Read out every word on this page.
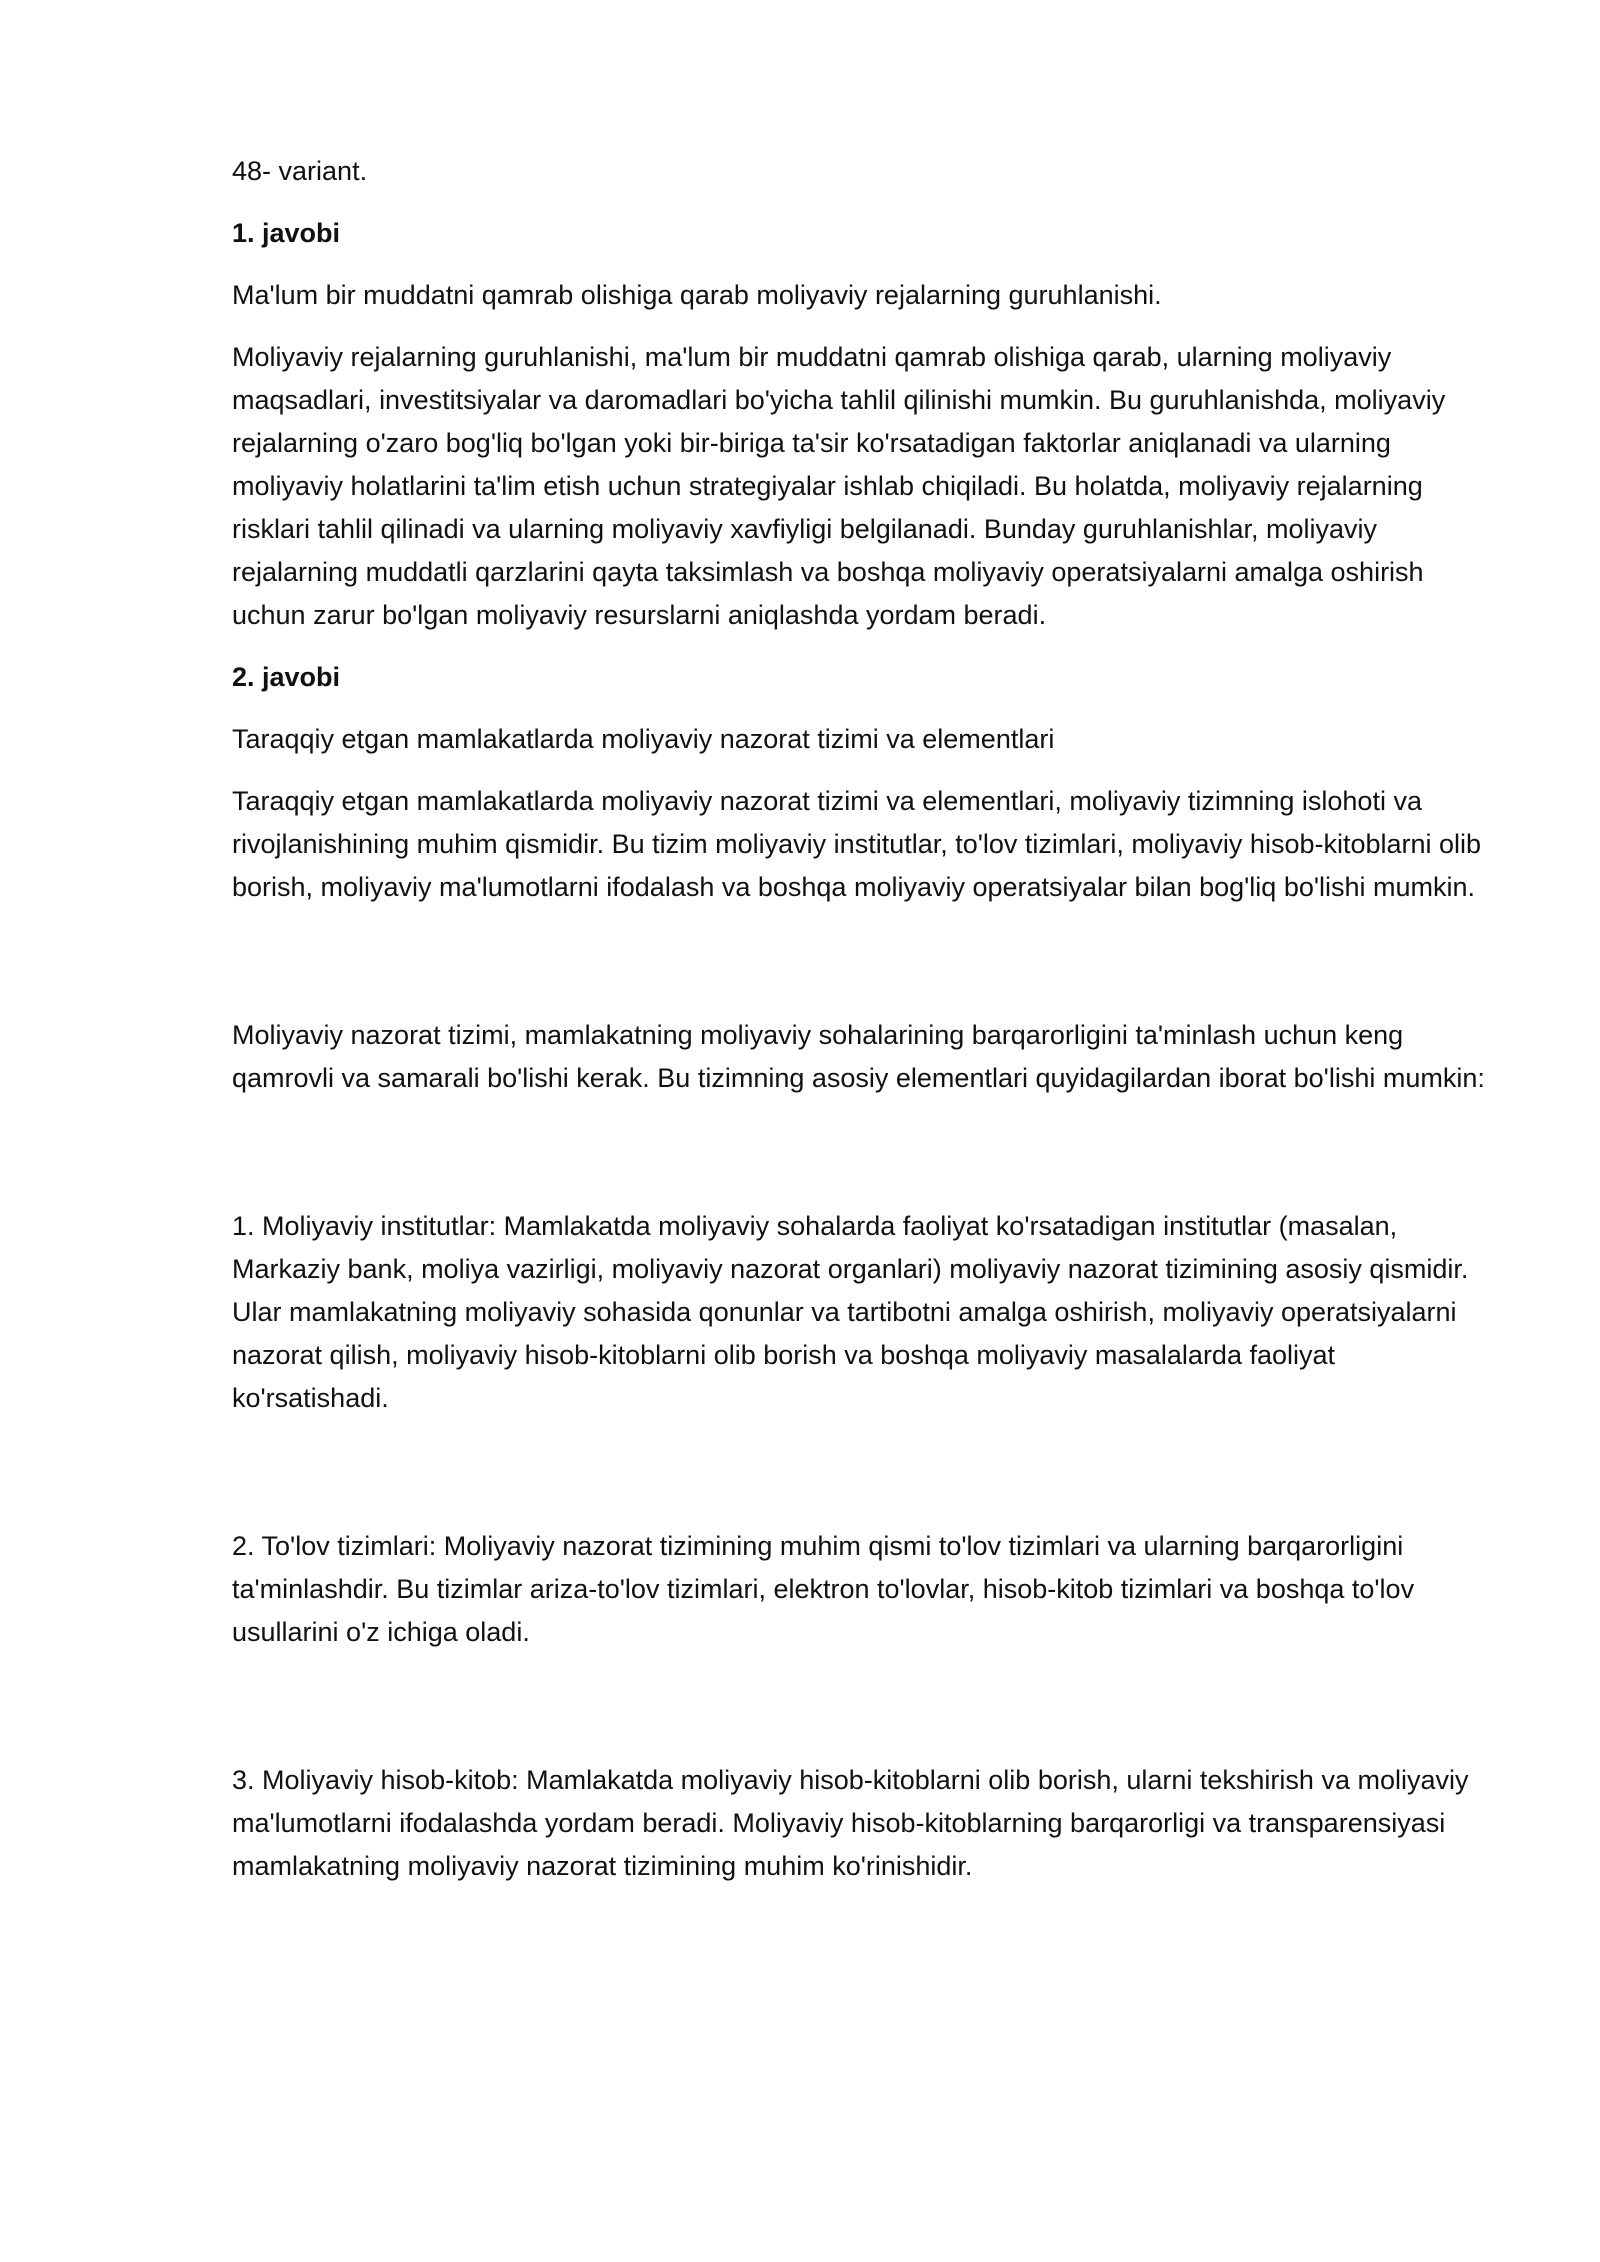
48- variant.

1. javobi

Ma'lum bir muddatni qamrab olishiga qarab moliyaviy rejalarning guruhlanishi.

Moliyaviy rejalarning guruhlanishi, ma'lum bir muddatni qamrab olishiga qarab, ularning moliyaviy maqsadlari, investitsiyalar va daromadlari bo'yicha tahlil qilinishi mumkin. Bu guruhlanishda, moliyaviy rejalarning o'zaro bog'liq bo'lgan yoki bir-biriga ta'sir ko'rsatadigan faktorlar aniqlanadi va ularning moliyaviy holatlarini ta'lim etish uchun strategiyalar ishlab chiqiladi. Bu holatda, moliyaviy rejalarning risklari tahlil qilinadi va ularning moliyaviy xavfiyligi belgilanadi. Bunday guruhlanishlar, moliyaviy rejalarning muddatli qarzlarini qayta taksimlash va boshqa moliyaviy operatsiyalarni amalga oshirish uchun zarur bo'lgan moliyaviy resurslarni aniqlashda yordam beradi.

2. javobi

Taraqqiy etgan mamlakatlarda moliyaviy nazorat tizimi va elementlari

Taraqqiy etgan mamlakatlarda moliyaviy nazorat tizimi va elementlari, moliyaviy tizimning islohoti va rivojlanishining muhim qismidir. Bu tizim moliyaviy institutlar, to'lov tizimlari, moliyaviy hisob-kitoblarni olib borish, moliyaviy ma'lumotlarni ifodalash va boshqa moliyaviy operatsiyalar bilan bog'liq bo'lishi mumkin.

Moliyaviy nazorat tizimi, mamlakatning moliyaviy sohalarining barqarorligini ta'minlash uchun keng qamrovli va samarali bo'lishi kerak. Bu tizimning asosiy elementlari quyidagilardan iborat bo'lishi mumkin:

1. Moliyaviy institutlar: Mamlakatda moliyaviy sohalarda faoliyat ko'rsatadigan institutlar (masalan, Markaziy bank, moliya vazirligi, moliyaviy nazorat organlari) moliyaviy nazorat tizimining asosiy qismidir. Ular mamlakatning moliyaviy sohasida qonunlar va tartibotni amalga oshirish, moliyaviy operatsiyalarni nazorat qilish, moliyaviy hisob-kitoblarni olib borish va boshqa moliyaviy masalalarda faoliyat ko'rsatishadi.

2. To'lov tizimlari: Moliyaviy nazorat tizimining muhim qismi to'lov tizimlari va ularning barqarorligini ta'minlashdir. Bu tizimlar ariza-to'lov tizimlari, elektron to'lovlar, hisob-kitob tizimlari va boshqa to'lov usullarini o'z ichiga oladi.

3. Moliyaviy hisob-kitob: Mamlakatda moliyaviy hisob-kitoblarni olib borish, ularni tekshirish va moliyaviy ma'lumotlarni ifodalashda yordam beradi. Moliyaviy hisob-kitoblarning barqarorligi va transparensiyasi mamlakatning moliyaviy nazorat tizimining muhim ko'rinishidir.
